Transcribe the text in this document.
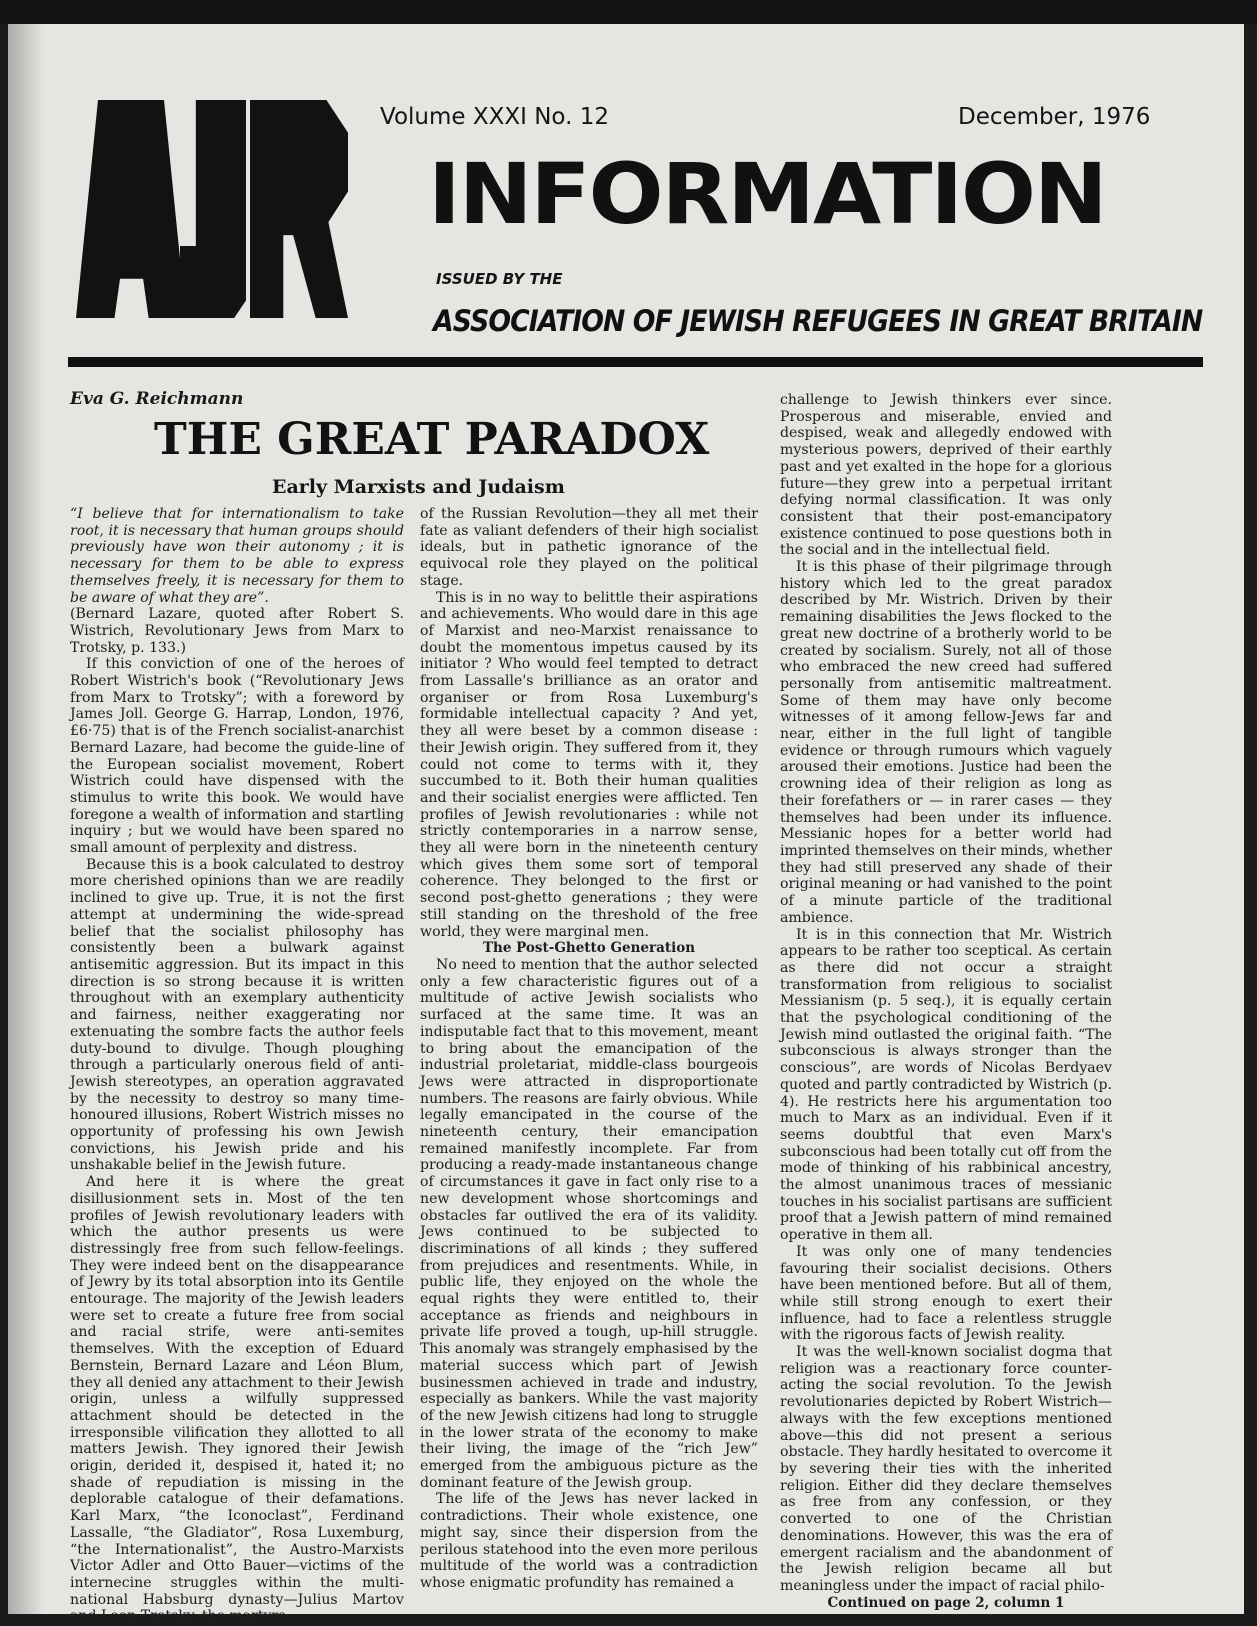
Volume XXXI No. 12	December, 1976
INFORMATION
ISSUED BY THE
ASSOCIATION OF JEWISH REFUGEES IN GREAT BRITAIN
Eva G. Reichmann
THE GREAT PARADOX
Early Marxists and Judaism

“I believe that for internationalism to take root, it is necessary that human groups should previously have won their autonomy ; it is necessary for them to be able to express themselves freely, it is necessary for them to be aware of what they are”.

(Bernard Lazare, quoted after Robert S. Wistrich, Revolutionary Jews from Marx to Trotsky, p. 133.)

If this conviction of one of the heroes of Robert Wistrich's book (“Revolutionary Jews from Marx to Trotsky”; with a foreword by James Joll. George G. Harrap, London, 1976, £6·75) that is of the French socialist-anarchist Bernard Lazare, had become the guide-line of the European socialist movement, Robert Wistrich could have dispensed with the stimulus to write this book. We would have foregone a wealth of information and startling inquiry ; but we would have been spared no small amount of perplexity and distress.

Because this is a book calculated to destroy more cherished opinions than we are readily inclined to give up. True, it is not the first attempt at undermining the wide-spread belief that the socialist philosophy has consistently been a bulwark against antisemitic aggression. But its impact in this direction is so strong because it is written throughout with an exemplary authenticity and fairness, neither exaggerating nor extenuating the sombre facts the author feels duty-bound to divulge. Though ploughing through a particularly onerous field of anti-Jewish stereotypes, an operation aggravated by the necessity to destroy so many time-honoured illusions, Robert Wistrich misses no opportunity of professing his own Jewish convictions, his Jewish pride and his unshakable belief in the Jewish future.

And here it is where the great disillusionment sets in. Most of the ten profiles of Jewish revolutionary leaders with which the author presents us were distressingly free from such fellow-feelings. They were indeed bent on the disappearance of Jewry by its total absorption into its Gentile entourage. The majority of the Jewish leaders were set to create a future free from social and racial strife, were anti-semites themselves. With the exception of Eduard Bernstein, Bernard Lazare and Léon Blum, they all denied any attachment to their Jewish origin, unless a wilfully suppressed attachment should be detected in the irresponsible vilification they allotted to all matters Jewish. They ignored their Jewish origin, derided it, despised it, hated it; no shade of repudiation is missing in the deplorable catalogue of their defamations. Karl Marx, “the Iconoclast”, Ferdinand Lassalle, “the Gladiator”, Rosa Luxemburg, “the Internationalist”, the Austro-Marxists Victor Adler and Otto Bauer—victims of the internecine struggles within the multi-national Habsburg dynasty—Julius Martov and Leon Trotsky, the martyrs

of the Russian Revolution—they all met their fate as valiant defenders of their high socialist ideals, but in pathetic ignorance of the equivocal role they played on the political stage.

This is in no way to belittle their aspirations and achievements. Who would dare in this age of Marxist and neo-Marxist renaissance to doubt the momentous impetus caused by its initiator ? Who would feel tempted to detract from Lassalle's brilliance as an orator and organiser or from Rosa Luxemburg's formidable intellectual capacity ? And yet, they all were beset by a common disease : their Jewish origin. They suffered from it, they could not come to terms with it, they succumbed to it. Both their human qualities and their socialist energies were afflicted. Ten profiles of Jewish revolutionaries : while not strictly contemporaries in a narrow sense, they all were born in the nineteenth century which gives them some sort of temporal coherence. They belonged to the first or second post-ghetto generations ; they were still standing on the threshold of the free world, they were marginal men.

The Post-Ghetto Generation

No need to mention that the author selected only a few characteristic figures out of a multitude of active Jewish socialists who surfaced at the same time. It was an indisputable fact that to this movement, meant to bring about the emancipation of the industrial proletariat, middle-class bourgeois Jews were attracted in disproportionate numbers. The reasons are fairly obvious. While legally emancipated in the course of the nineteenth century, their emancipation remained manifestly incomplete. Far from producing a ready-made instantaneous change of circumstances it gave in fact only rise to a new development whose shortcomings and obstacles far outlived the era of its validity. Jews continued to be subjected to discriminations of all kinds ; they suffered from prejudices and resentments. While, in public life, they enjoyed on the whole the equal rights they were entitled to, their acceptance as friends and neighbours in private life proved a tough, up-hill struggle. This anomaly was strangely emphasised by the material success which part of Jewish businessmen achieved in trade and industry, especially as bankers. While the vast majority of the new Jewish citizens had long to struggle in the lower strata of the economy to make their living, the image of the “rich Jew” emerged from the ambiguous picture as the dominant feature of the Jewish group.

The life of the Jews has never lacked in contradictions. Their whole existence, one might say, since their dispersion from the perilous statehood into the even more perilous multitude of the world was a contradiction whose enigmatic profundity has remained a

challenge to Jewish thinkers ever since. Prosperous and miserable, envied and despised, weak and allegedly endowed with mysterious powers, deprived of their earthly past and yet exalted in the hope for a glorious future—they grew into a perpetual irritant defying normal classification. It was only consistent that their post-emancipatory existence continued to pose questions both in the social and in the intellectual field.

It is this phase of their pilgrimage through history which led to the great paradox described by Mr. Wistrich. Driven by their remaining disabilities the Jews flocked to the great new doctrine of a brotherly world to be created by socialism. Surely, not all of those who embraced the new creed had suffered personally from antisemitic maltreatment. Some of them may have only become witnesses of it among fellow-Jews far and near, either in the full light of tangible evidence or through rumours which vaguely aroused their emotions. Justice had been the crowning idea of their religion as long as their forefathers or — in rarer cases — they themselves had been under its influence. Messianic hopes for a better world had imprinted themselves on their minds, whether they had still preserved any shade of their original meaning or had vanished to the point of a minute particle of the traditional ambience.

It is in this connection that Mr. Wistrich appears to be rather too sceptical. As certain as there did not occur a straight transformation from religious to socialist Messianism (p. 5 seq.), it is equally certain that the psychological conditioning of the Jewish mind outlasted the original faith. “The subconscious is always stronger than the conscious”, are words of Nicolas Berdyaev quoted and partly contradicted by Wistrich (p. 4). He restricts here his argumentation too much to Marx as an individual. Even if it seems doubtful that even Marx's subconscious had been totally cut off from the mode of thinking of his rabbinical ancestry, the almost unanimous traces of messianic touches in his socialist partisans are sufficient proof that a Jewish pattern of mind remained operative in them all.

It was only one of many tendencies favouring their socialist decisions. Others have been mentioned before. But all of them, while still strong enough to exert their influence, had to face a relentless struggle with the rigorous facts of Jewish reality.

It was the well-known socialist dogma that religion was a reactionary force counter-acting the social revolution. To the Jewish revolutionaries depicted by Robert Wistrich—always with the few exceptions mentioned above—this did not present a serious obstacle. They hardly hesitated to overcome it by severing their ties with the inherited religion. Either did they declare themselves as free from any confession, or they converted to one of the Christian denominations. However, this was the era of emergent racialism and the abandonment of the Jewish religion became all but meaningless under the impact of racial philo-

Continued on page 2, column 1
